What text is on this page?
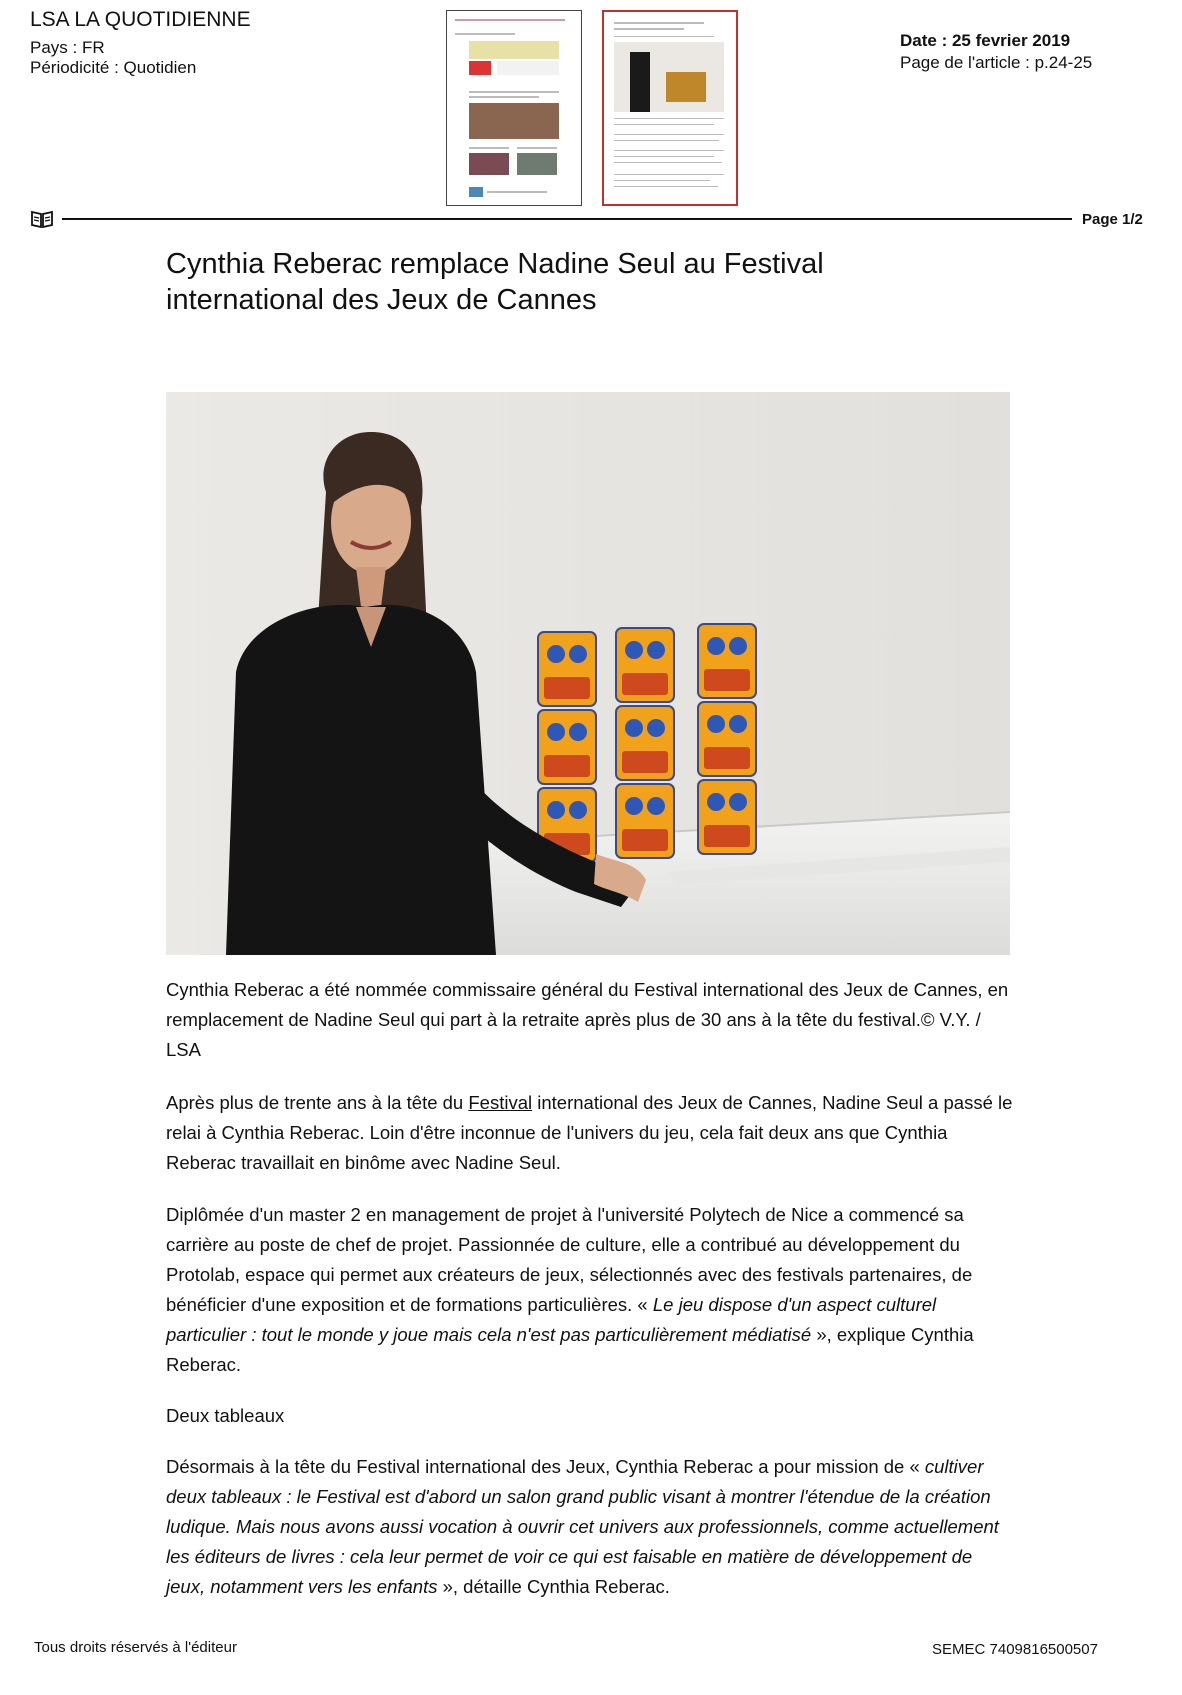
LSA LA QUOTIDIENNE
Pays : FR
Périodicité : Quotidien
Date : 25 fevrier 2019
Page de l'article : p.24-25
Page 1/2
Cynthia Reberac remplace Nadine Seul au Festival international des Jeux de Cannes
Cynthia Reberac a été nommée commissaire général du Festival international des Jeux de Cannes, en remplacement de Nadine Seul qui part à la retraite après plus de 30 ans à la tête du festival.© V.Y. / LSA

Après plus de trente ans à la tête du Festival international des Jeux de Cannes, Nadine Seul a passé le relai à Cynthia Reberac. Loin d'être inconnue de l'univers du jeu, cela fait deux ans que Cynthia Reberac travaillait en binôme avec Nadine Seul.

Diplômée d'un master 2 en management de projet à l'université Polytech de Nice a commencé sa carrière au poste de chef de projet. Passionnée de culture, elle a contribué au développement du Protolab, espace qui permet aux créateurs de jeux, sélectionnés avec des festivals partenaires, de bénéficier d'une exposition et de formations particulières. « Le jeu dispose d'un aspect culturel particulier : tout le monde y joue mais cela n'est pas particulièrement médiatisé », explique Cynthia Reberac.

Deux tableaux

Désormais à la tête du Festival international des Jeux, Cynthia Reberac a pour mission de « cultiver deux tableaux : le Festival est d'abord un salon grand public visant à montrer l'étendue de la création ludique. Mais nous avons aussi vocation à ouvrir cet univers aux professionnels, comme actuellement les éditeurs de livres : cela leur permet de voir ce qui est faisable en matière de développement de jeux, notamment vers les enfants », détaille Cynthia Reberac.

Tous droits réservés à l'éditeur	SEMEC 7409816500507
